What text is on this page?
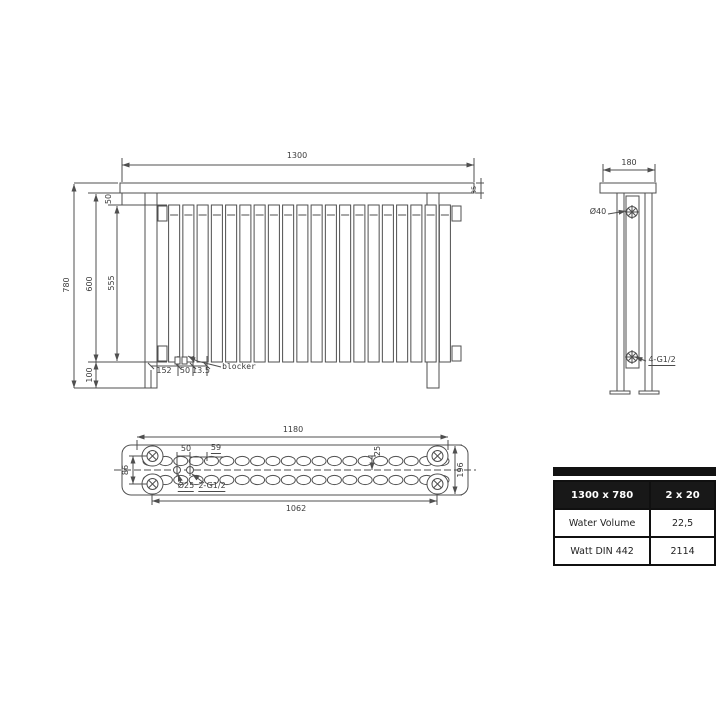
1300
780 600 555
50
100	152 50 13.5 blocker
35
180
Ø40
4-G1/2
1180
1062
50 59	25
Ø25 2-G1/2
86	196
1300 x 780	2 x 20
Water Volume	22,5
Watt DIN 442	2114
